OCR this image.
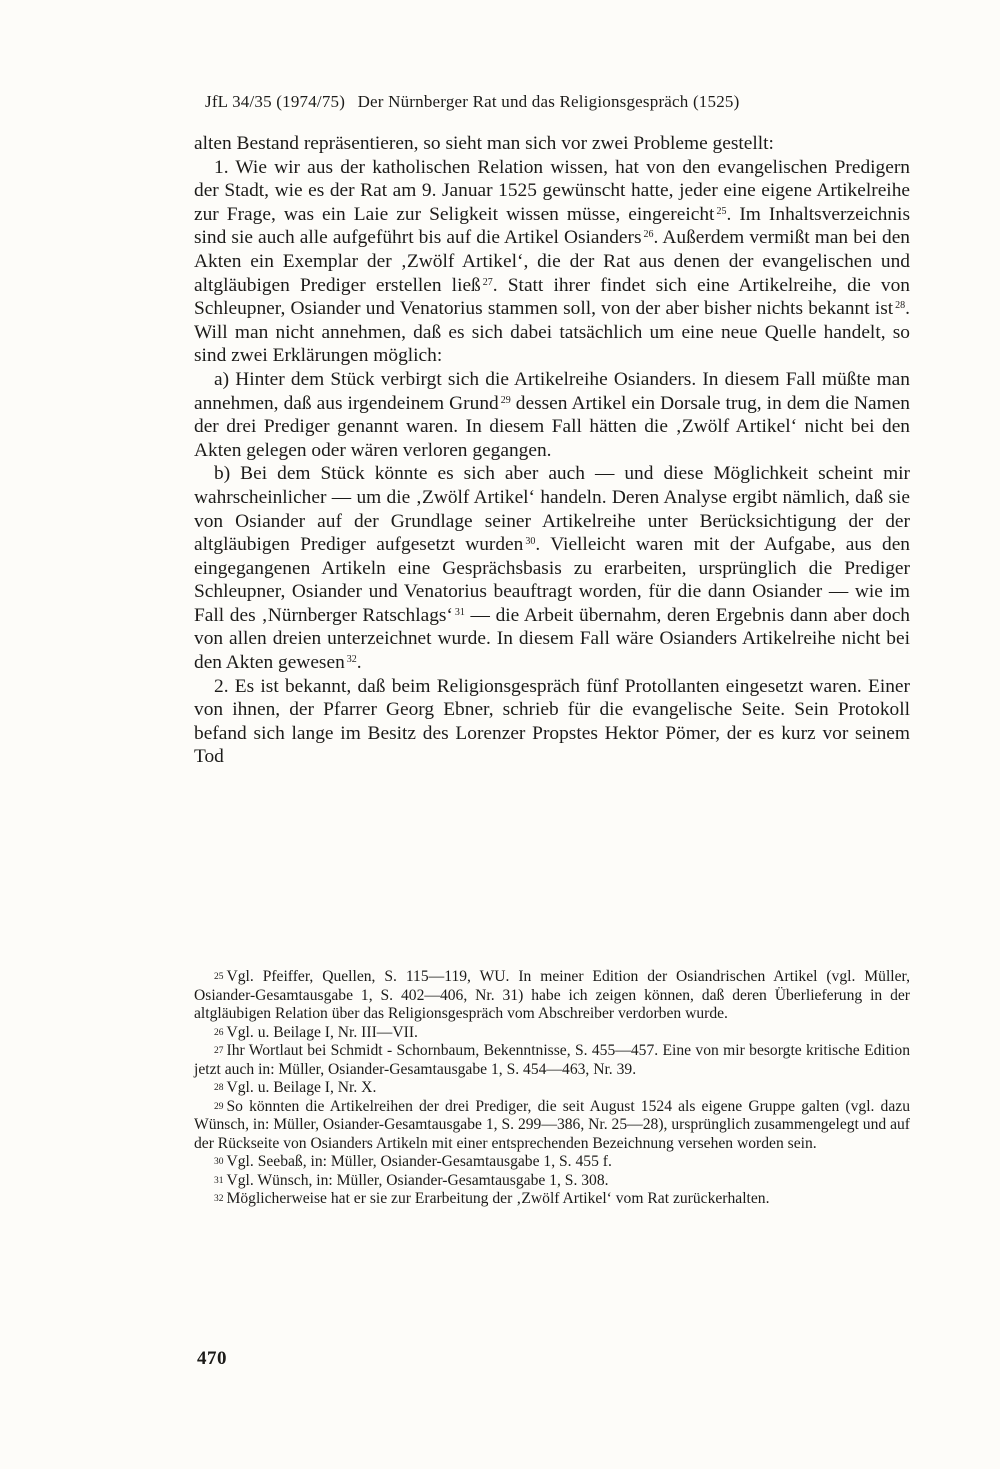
JfL 34/35 (1974/75) Der Nürnberger Rat und das Religionsgespräch (1525)

alten Bestand repräsentieren, so sieht man sich vor zwei Probleme gestellt:

1. Wie wir aus der katholischen Relation wissen, hat von den evangelischen Predigern der Stadt, wie es der Rat am 9. Januar 1525 gewünscht hatte, jeder eine eigene Artikelreihe zur Frage, was ein Laie zur Seligkeit wissen müsse, eingereicht $^{25}$. Im Inhaltsverzeichnis sind sie auch alle aufgeführt bis auf die Artikel Osianders $^{26}$. Außerdem vermißt man bei den Akten ein Exemplar der ‚Zwölf Artikel‘, die der Rat aus denen der evangelischen und altgläubigen Prediger erstellen ließ $^{27}$. Statt ihrer findet sich eine Artikelreihe, die von Schleupner, Osiander und Venatorius stammen soll, von der aber bisher nichts bekannt ist $^{28}$. Will man nicht annehmen, daß es sich dabei tatsächlich um eine neue Quelle handelt, so sind zwei Erklärungen möglich:

a) Hinter dem Stück verbirgt sich die Artikelreihe Osianders. In diesem Fall müßte man annehmen, daß aus irgendeinem Grund $^{29}$ dessen Artikel ein Dorsale trug, in dem die Namen der drei Prediger genannt waren. In diesem Fall hätten die ‚Zwölf Artikel‘ nicht bei den Akten gelegen oder wären verloren gegangen.

b) Bei dem Stück könnte es sich aber auch — und diese Möglichkeit scheint mir wahrscheinlicher — um die ‚Zwölf Artikel‘ handeln. Deren Analyse ergibt nämlich, daß sie von Osiander auf der Grundlage seiner Artikelreihe unter Berücksichtigung der der altgläubigen Prediger aufgesetzt wurden $^{30}$. Vielleicht waren mit der Aufgabe, aus den eingegangenen Artikeln eine Gesprächsbasis zu erarbeiten, ursprünglich die Prediger Schleupner, Osiander und Venatorius beauftragt worden, für die dann Osiander — wie im Fall des ‚Nürnberger Ratschlags‘ $^{31}$ — die Arbeit übernahm, deren Ergebnis dann aber doch von allen dreien unterzeichnet wurde. In diesem Fall wäre Osianders Artikelreihe nicht bei den Akten gewesen $^{32}$.

2. Es ist bekannt, daß beim Religionsgespräch fünf Protollanten eingesetzt waren. Einer von ihnen, der Pfarrer Georg Ebner, schrieb für die evangelische Seite. Sein Protokoll befand sich lange im Besitz des Lorenzer Propstes Hektor Pömer, der es kurz vor seinem Tod

$^{25}$ Vgl. Pfeiffer, Quellen, S. 115—119, WU. In meiner Edition der Osiandrischen Artikel (vgl. Müller, Osiander-Gesamtausgabe 1, S. 402—406, Nr. 31) habe ich zeigen können, daß deren Überlieferung in der altgläubigen Relation über das Religionsgespräch vom Abschreiber verdorben wurde.

$^{26}$ Vgl. u. Beilage I, Nr. III—VII.

$^{27}$ Ihr Wortlaut bei Schmidt - Schornbaum, Bekenntnisse, S. 455—457. Eine von mir besorgte kritische Edition jetzt auch in: Müller, Osiander-Gesamtausgabe 1, S. 454—463, Nr. 39.

$^{28}$ Vgl. u. Beilage I, Nr. X.

$^{29}$ So könnten die Artikelreihen der drei Prediger, die seit August 1524 als eigene Gruppe galten (vgl. dazu Wünsch, in: Müller, Osiander-Gesamtausgabe 1, S. 299—386, Nr. 25—28), ursprünglich zusammengelegt und auf der Rückseite von Osianders Artikeln mit einer entsprechenden Bezeichnung versehen worden sein.

$^{30}$ Vgl. Seebaß, in: Müller, Osiander-Gesamtausgabe 1, S. 455 f.

$^{31}$ Vgl. Wünsch, in: Müller, Osiander-Gesamtausgabe 1, S. 308.

$^{32}$ Möglicherweise hat er sie zur Erarbeitung der ‚Zwölf Artikel‘ vom Rat zurückerhalten.

470
